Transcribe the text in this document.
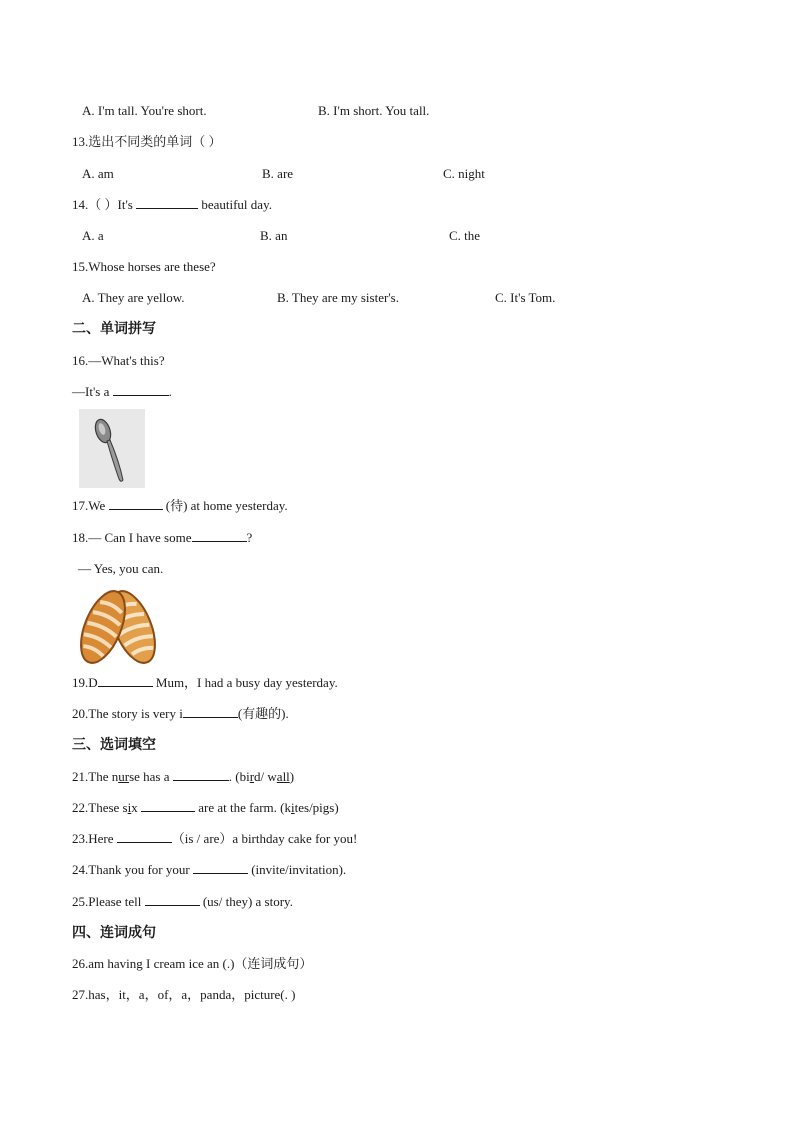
A. I'm tall. You're short.	B. I'm short. You tall.
13.选出不同类的单词（ ）
A. am	B. are	C. night
14.（ ）It's	beautiful day.
A. a	B. an	C. the
15.Whose horses are these?
A. They are yellow.	B. They are my sister's.	C. It's Tom.
二、单词拼写
16.—What's this?
—It's a	.
17.We	(待) at home yesterday.
18.— Can I have some	?
— Yes, you can.
19.D	Mum，I had a busy day yesterday.
20.The story is very i	(有趣的).
三、选词填空
21.The nurse has a	. (bird/ wall)
22.These six	are at the farm. (kites/pigs)
23.Here	（is / are）a birthday cake for you!
24.Thank you for your	(invite/invitation).
25.Please tell	(us/ they) a story.
四、连词成句
26.am having I cream ice an (.)（连词成句）
27.has，it，a，of，a，panda，picture(. )
